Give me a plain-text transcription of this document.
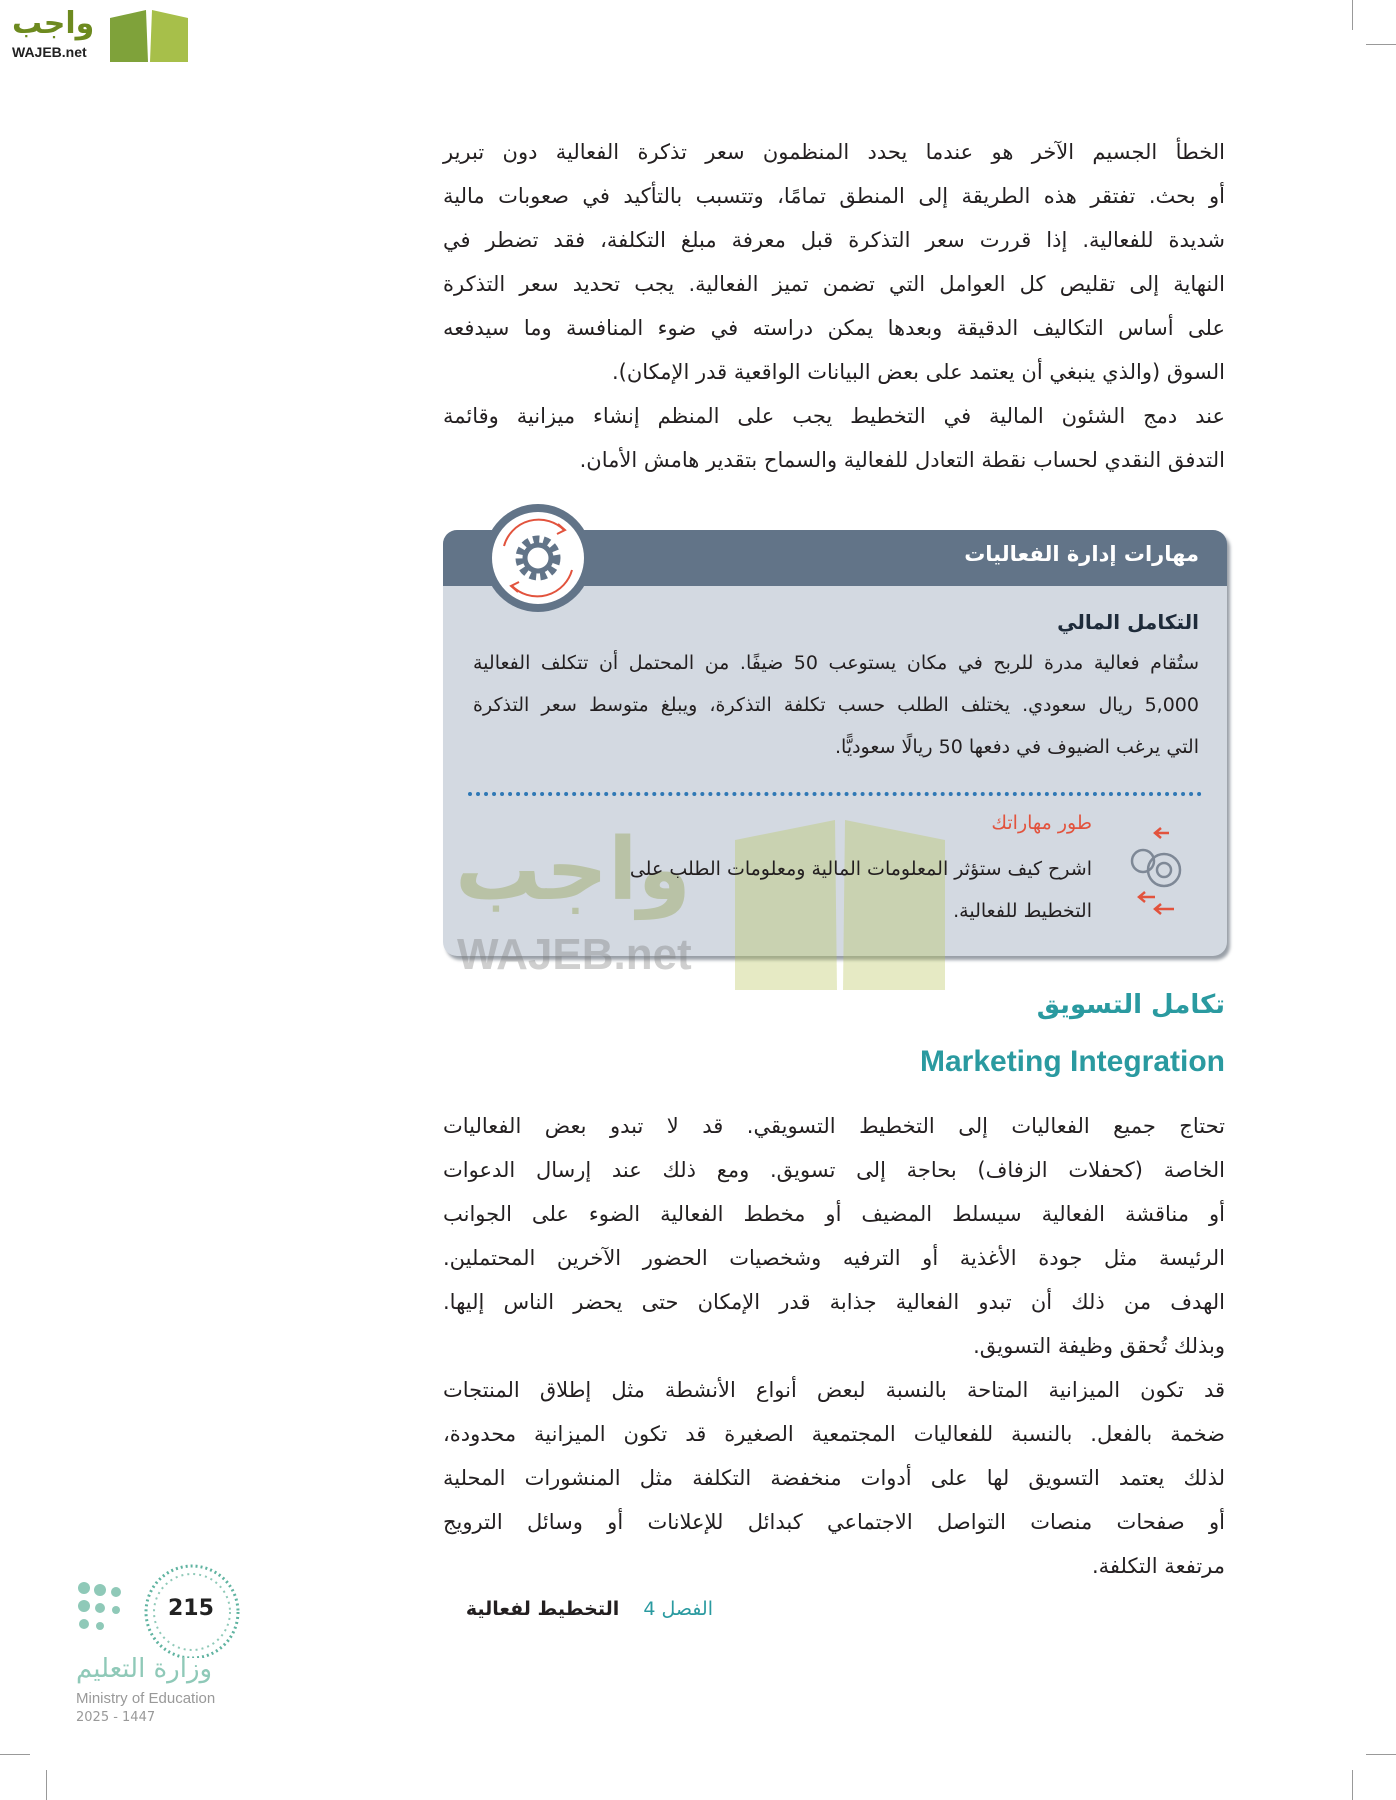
واجب
WAJEB.net
الخطأ الجسيم الآخر هو عندما يحدد المنظمون سعر تذكرة الفعالية دون تبرير
أو بحث. تفتقر هذه الطريقة إلى المنطق تمامًا، وتتسبب بالتأكيد في صعوبات مالية
شديدة للفعالية. إذا قررت سعر التذكرة قبل معرفة مبلغ التكلفة، فقد تضطر في
النهاية إلى تقليص كل العوامل التي تضمن تميز الفعالية. يجب تحديد سعر التذكرة
على أساس التكاليف الدقيقة وبعدها يمكن دراسته في ضوء المنافسة وما سيدفعه
السوق (والذي ينبغي أن يعتمد على بعض البيانات الواقعية قدر الإمكان).
عند دمج الشئون المالية في التخطيط يجب على المنظم إنشاء ميزانية وقائمة
التدفق النقدي لحساب نقطة التعادل للفعالية والسماح بتقدير هامش الأمان.
مهارات إدارة الفعاليات
التكامل المالي
ستُقام فعالية مدرة للربح في مكان يستوعب 50 ضيفًا. من المحتمل أن تتكلف الفعالية
5,000 ريال سعودي. يختلف الطلب حسب تكلفة التذكرة، ويبلغ متوسط سعر التذكرة
التي يرغب الضيوف في دفعها 50 ريالًا سعوديًّا.
طور مهاراتك
اشرح كيف ستؤثر المعلومات المالية ومعلومات الطلب على التخطيط للفعالية.
واجب
WAJEB.net
تكامل التسويق
Marketing Integration
تحتاج جميع الفعاليات إلى التخطيط التسويقي. قد لا تبدو بعض الفعاليات
الخاصة (كحفلات الزفاف) بحاجة إلى تسويق. ومع ذلك عند إرسال الدعوات
أو مناقشة الفعالية سيسلط المضيف أو مخطط الفعالية الضوء على الجوانب
الرئيسة مثل جودة الأغذية أو الترفيه وشخصيات الحضور الآخرين المحتملين.
الهدف من ذلك أن تبدو الفعالية جذابة قدر الإمكان حتى يحضر الناس إليها.
وبذلك تُحقق وظيفة التسويق.
قد تكون الميزانية المتاحة بالنسبة لبعض أنواع الأنشطة مثل إطلاق المنتجات
ضخمة بالفعل. بالنسبة للفعاليات المجتمعية الصغيرة قد تكون الميزانية محدودة،
لذلك يعتمد التسويق لها على أدوات منخفضة التكلفة مثل المنشورات المحلية
أو صفحات منصات التواصل الاجتماعي كبدائل للإعلانات أو وسائل الترويج
مرتفعة التكلفة.
الفصل 4 التخطيط لفعالية
215
وزارة التعليم
Ministry of Education
2025 - 1447
